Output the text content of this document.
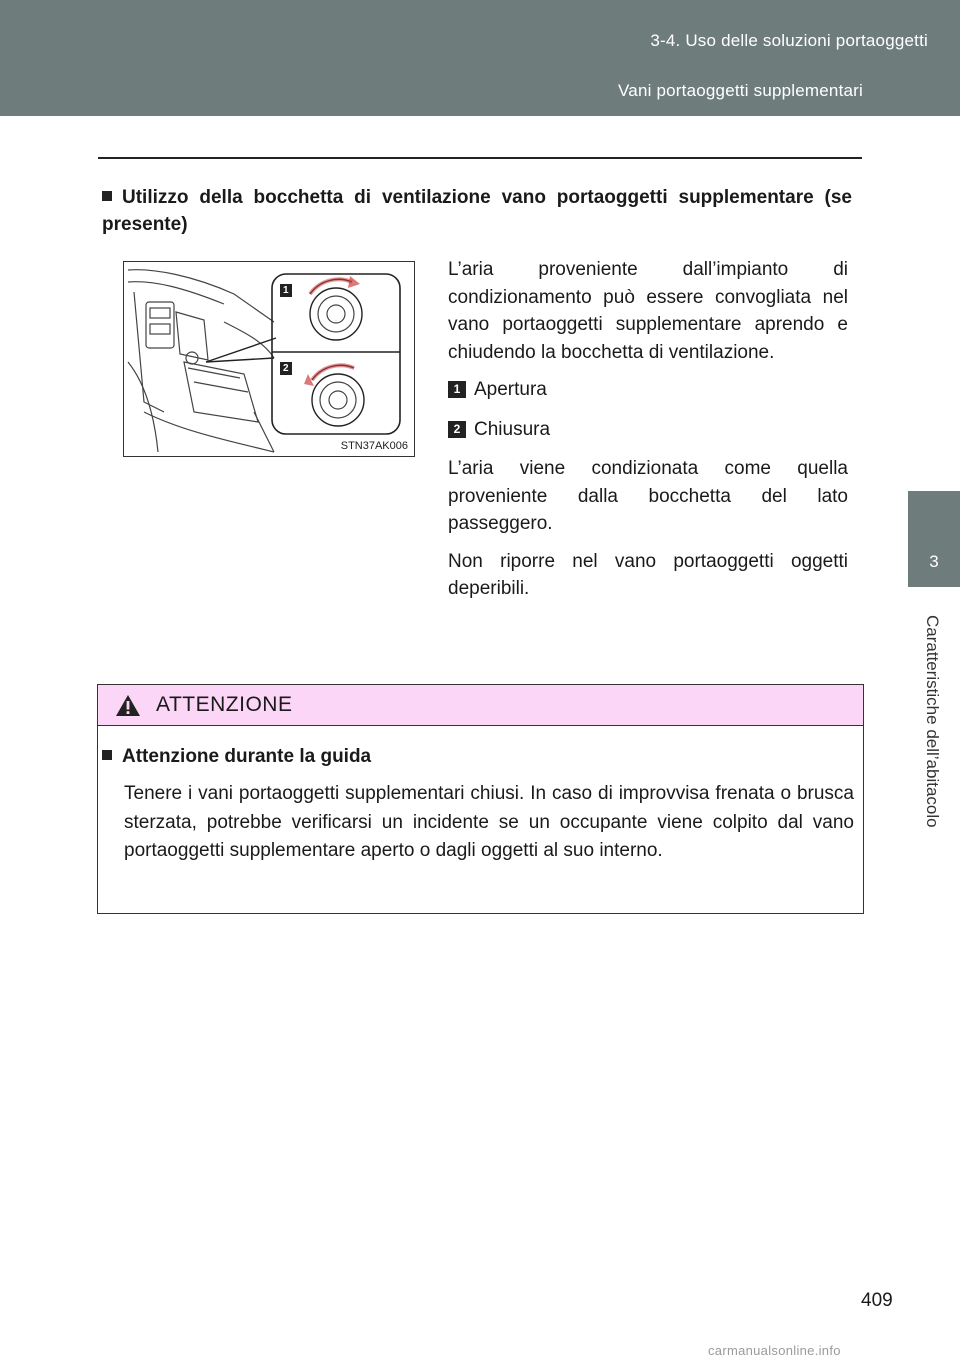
3-4. Uso delle soluzioni portaoggetti
Vani portaoggetti supplementari
3
Caratteristiche dell’abitacolo
Utilizzo della bocchetta di ventilazione vano portaoggetti supplementare (se presente)
1
2
STN37AK006

L’aria proveniente dall’impianto di condizionamento può essere convogliata nel vano portaoggetti supplementare aprendo e chiudendo la bocchetta di ventilazione.

1 Apertura
2 Chiusura

L’aria viene condizionata come quella proveniente dalla bocchetta del lato passeggero.

Non riporre nel vano portaoggetti oggetti deperibili.

ATTENZIONE
Attenzione durante la guida

Tenere i vani portaoggetti supplementari chiusi. In caso di improvvisa frenata o brusca sterzata, potrebbe verificarsi un incidente se un occupante viene colpito dal vano portaoggetti supplementare aperto o dagli oggetti al suo interno.

409
carmanualsonline.info
